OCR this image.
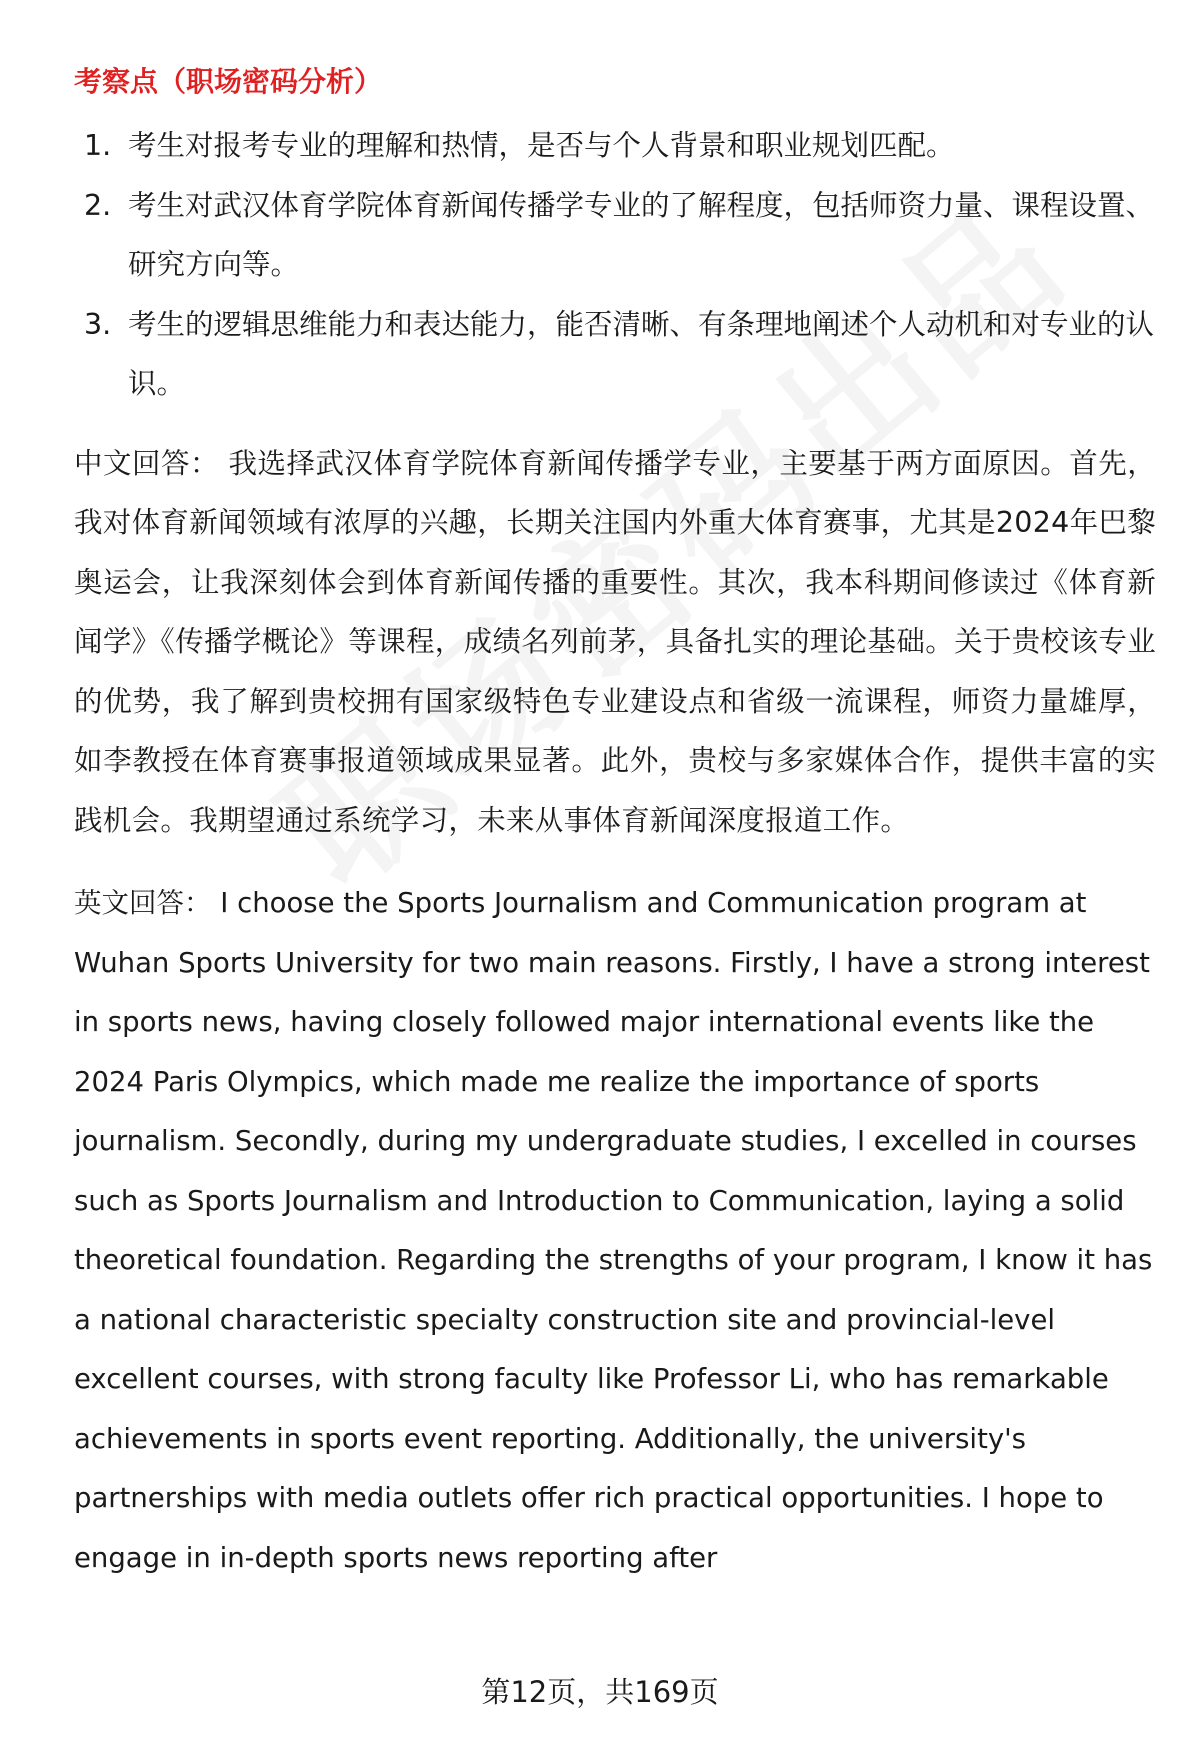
考察点（职场密码分析）
1. 考生对报考专业的理解和热情，是否与个人背景和职业规划匹配。
2. 考生对武汉体育学院体育新闻传播学专业的了解程度，包括师资力量、课程设置、研究方向等。
3. 考生的逻辑思维能力和表达能力，能否清晰、有条理地阐述个人动机和对专业的认识。
中文回答： 我选择武汉体育学院体育新闻传播学专业，主要基于两方面原因。首先，我对体育新闻领域有浓厚的兴趣，长期关注国内外重大体育赛事，尤其是2024年巴黎奥运会，让我深刻体会到体育新闻传播的重要性。其次，我本科期间修读过《体育新闻学》《传播学概论》等课程，成绩名列前茅，具备扎实的理论基础。关于贵校该专业的优势，我了解到贵校拥有国家级特色专业建设点和省级一流课程，师资力量雄厚，如李教授在体育赛事报道领域成果显著。此外，贵校与多家媒体合作，提供丰富的实践机会。我期望通过系统学习，未来从事体育新闻深度报道工作。
英文回答： I choose the Sports Journalism and Communication program at Wuhan Sports University for two main reasons. Firstly, I have a strong interest in sports news, having closely followed major international events like the 2024 Paris Olympics, which made me realize the importance of sports journalism. Secondly, during my undergraduate studies, I excelled in courses such as Sports Journalism and Introduction to Communication, laying a solid theoretical foundation. Regarding the strengths of your program, I know it has a national characteristic specialty construction site and provincial-level excellent courses, with strong faculty like Professor Li, who has remarkable achievements in sports event reporting. Additionally, the university's partnerships with media outlets offer rich practical opportunities. I hope to engage in in-depth sports news reporting after
第12页，共169页
